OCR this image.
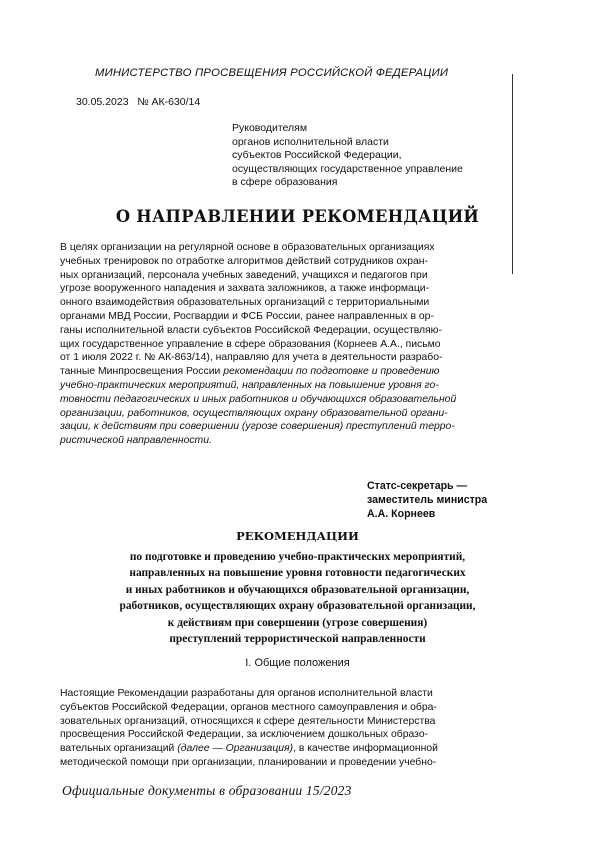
МИНИСТЕРСТВО ПРОСВЕЩЕНИЯ РОССИЙСКОЙ ФЕДЕРАЦИИ
30.05.2023 № АК-630/14
Руководителям
органов исполнительной власти
субъектов Российской Федерации,
осуществляющих государственное управление
в сфере образования
О НАПРАВЛЕНИИ РЕКОМЕНДАЦИЙ
В целях организации на регулярной основе в образовательных организациях
учебных тренировок по отработке алгоритмов действий сотрудников охран-
ных организаций, персонала учебных заведений, учащихся и педагогов при
угрозе вооруженного нападения и захвата заложников, а также информаци-
онного взаимодействия образовательных организаций с территориальными
органами МВД России, Росгвардии и ФСБ России, ранее направленных в ор-
ганы исполнительной власти субъектов Российской Федерации, осуществляю-
щих государственное управление в сфере образования (Корнеев А.А., письмо
от 1 июля 2022 г. № АК-863/14), направляю для учета в деятельности разрабо-
танные Минпросвещения России рекомендации по подготовке и проведению
учебно-практических мероприятий, направленных на повышение уровня го-
товности педагогических и иных работников и обучающихся образовательной
организации, работников, осуществляющих охрану образовательной органи-
зации, к действиям при совершении (угрозе совершения) преступлений терро-
ристической направленности.
Статс-секретарь —
заместитель министра
А.А. Корнеев
РЕКОМЕНДАЦИИ
по подготовке и проведению учебно-практических мероприятий,
направленных на повышение уровня готовности педагогических
и иных работников и обучающихся образовательной организации,
работников, осуществляющих охрану образовательной организации,
к действиям при совершении (угрозе совершения)
преступлений террористической направленности
I. Общие положения
Настоящие Рекомендации разработаны для органов исполнительной власти
субъектов Российской Федерации, органов местного самоуправления и обра-
зовательных организаций, относящихся к сфере деятельности Министерства
просвещения Российской Федерации, за исключением дошкольных образо-
вательных организаций (далее — Организация), в качестве информационной
методической помощи при организации, планировании и проведении учебно-
Официальные документы в образовании 15/2023
